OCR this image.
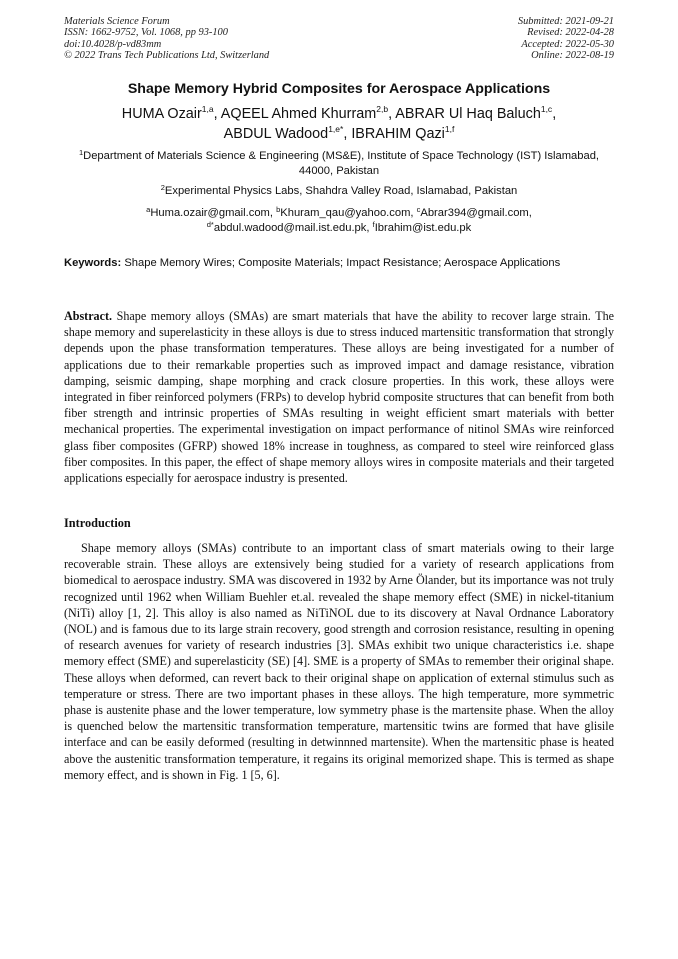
Materials Science Forum
ISSN: 1662-9752, Vol. 1068, pp 93-100
doi:10.4028/p-vd83mm
© 2022 Trans Tech Publications Ltd, Switzerland
Submitted: 2021-09-21
Revised: 2022-04-28
Accepted: 2022-05-30
Online: 2022-08-19
Shape Memory Hybrid Composites for Aerospace Applications
HUMA Ozair$^{1,a}$, AQEEL Ahmed Khurram$^{2,b}$, ABRAR Ul Haq Baluch$^{1,c}$,
ABDUL Wadood$^{1,e*}$, IBRAHIM Qazi$^{1,f}$
$^1$Department of Materials Science & Engineering (MS&E), Institute of Space Technology (IST) Islamabad, 44000, Pakistan
$^2$Experimental Physics Labs, Shahdra Valley Road, Islamabad, Pakistan
$^a$Huma.ozair@gmail.com, $^b$Khuram_qau@yahoo.com, $^c$Abrar394@gmail.com,
$^{d*}$abdul.wadood@mail.ist.edu.pk, $^f$Ibrahim@ist.edu.pk
Keywords: Shape Memory Wires; Composite Materials; Impact Resistance; Aerospace Applications
Abstract. Shape memory alloys (SMAs) are smart materials that have the ability to recover large strain. The shape memory and superelasticity in these alloys is due to stress induced martensitic transformation that strongly depends upon the phase transformation temperatures. These alloys are being investigated for a number of applications due to their remarkable properties such as improved impact and damage resistance, vibration damping, seismic damping, shape morphing and crack closure properties. In this work, these alloys were integrated in fiber reinforced polymers (FRPs) to develop hybrid composite structures that can benefit from both fiber strength and intrinsic properties of SMAs resulting in weight efficient smart materials with better mechanical properties. The experimental investigation on impact performance of nitinol SMAs wire reinforced glass fiber composites (GFRP) showed 18% increase in toughness, as compared to steel wire reinforced glass fiber composites. In this paper, the effect of shape memory alloys wires in composite materials and their targeted applications especially for aerospace industry is presented.
Introduction
Shape memory alloys (SMAs) contribute to an important class of smart materials owing to their large recoverable strain. These alloys are extensively being studied for a variety of research applications from biomedical to aerospace industry. SMA was discovered in 1932 by Arne Ölander, but its importance was not truly recognized until 1962 when William Buehler et.al. revealed the shape memory effect (SME) in nickel-titanium (NiTi) alloy [1, 2]. This alloy is also named as NiTiNOL due to its discovery at Naval Ordnance Laboratory (NOL) and is famous due to its large strain recovery, good strength and corrosion resistance, resulting in opening of research avenues for variety of research industries [3]. SMAs exhibit two unique characteristics i.e. shape memory effect (SME) and superelasticity (SE) [4]. SME is a property of SMAs to remember their original shape. These alloys when deformed, can revert back to their original shape on application of external stimulus such as temperature or stress. There are two important phases in these alloys. The high temperature, more symmetric phase is austenite phase and the lower temperature, low symmetry phase is the martensite phase. When the alloy is quenched below the martensitic transformation temperature, martensitic twins are formed that have glisile interface and can be easily deformed (resulting in detwinnned martensite). When the martensitic phase is heated above the austenitic transformation temperature, it regains its original memorized shape. This is termed as shape memory effect, and is shown in Fig. 1 [5, 6].
